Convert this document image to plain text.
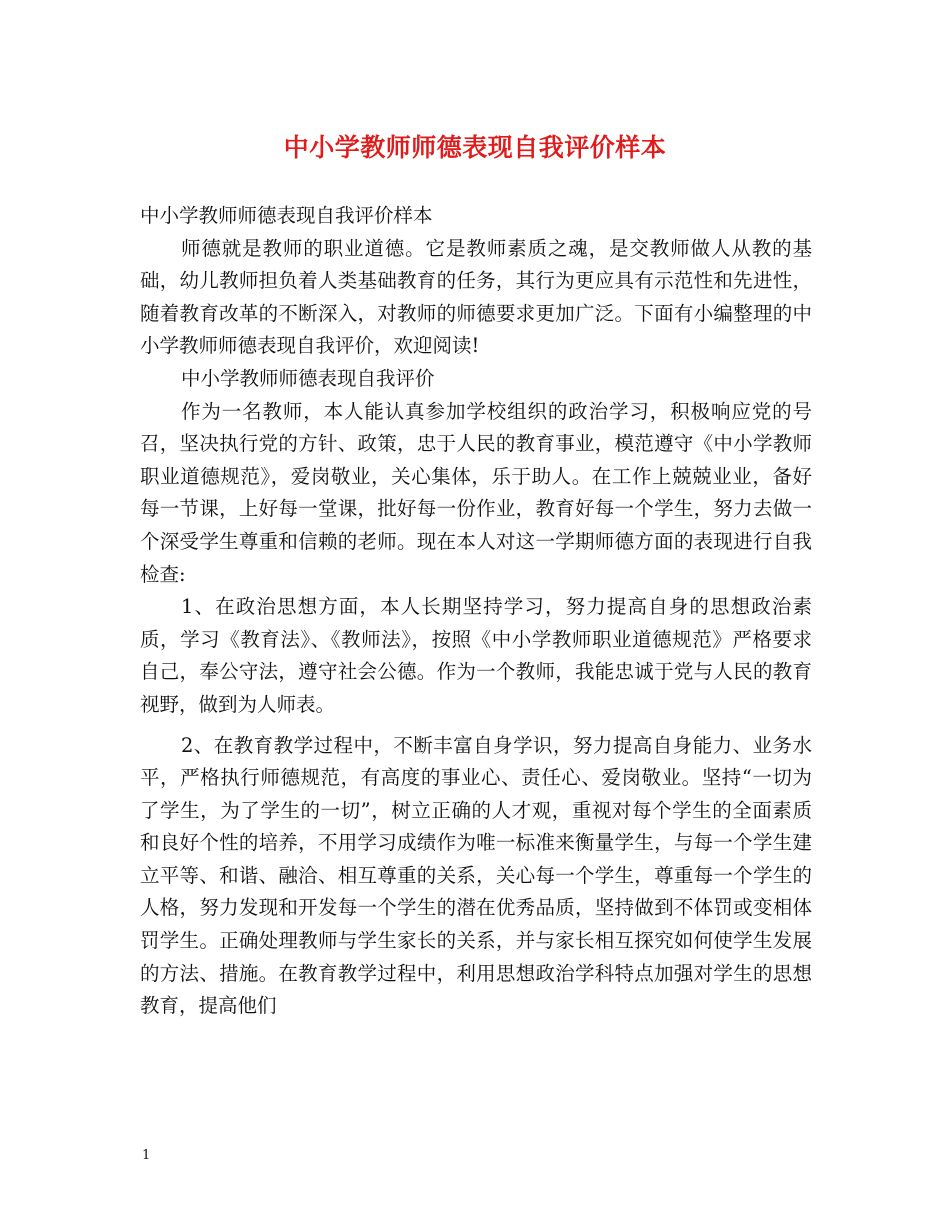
中小学教师师德表现自我评价样本

中小学教师师德表现自我评价样本

师德就是教师的职业道德。它是教师素质之魂，是交教师做人从教的基础，幼儿教师担负着人类基础教育的任务，其行为更应具有示范性和先进性，随着教育改革的不断深入，对教师的师德要求更加广泛。下面有小编整理的中小学教师师德表现自我评价，欢迎阅读!

中小学教师师德表现自我评价

作为一名教师，本人能认真参加学校组织的政治学习，积极响应党的号召，坚决执行党的方针、政策，忠于人民的教育事业，模范遵守《中小学教师职业道德规范》，爱岗敬业，关心集体，乐于助人。在工作上兢兢业业，备好每一节课，上好每一堂课，批好每一份作业，教育好每一个学生，努力去做一个深受学生尊重和信赖的老师。现在本人对这一学期师德方面的表现进行自我检查:

1、在政治思想方面，本人长期坚持学习，努力提高自身的思想政治素质，学习《教育法》、《教师法》，按照《中小学教师职业道德规范》严格要求自己，奉公守法，遵守社会公德。作为一个教师，我能忠诚于党与人民的教育视野，做到为人师表。

2、在教育教学过程中，不断丰富自身学识，努力提高自身能力、业务水平，严格执行师德规范，有高度的事业心、责任心、爱岗敬业。坚持“一切为了学生，为了学生的一切”，树立正确的人才观，重视对每个学生的全面素质和良好个性的培养，不用学习成绩作为唯一标准来衡量学生，与每一个学生建立平等、和谐、融洽、相互尊重的关系，关心每一个学生，尊重每一个学生的人格，努力发现和开发每一个学生的潜在优秀品质，坚持做到不体罚或变相体罚学生。正确处理教师与学生家长的关系，并与家长相互探究如何使学生发展的方法、措施。在教育教学过程中，利用思想政治学科特点加强对学生的思想教育，提高他们

1
